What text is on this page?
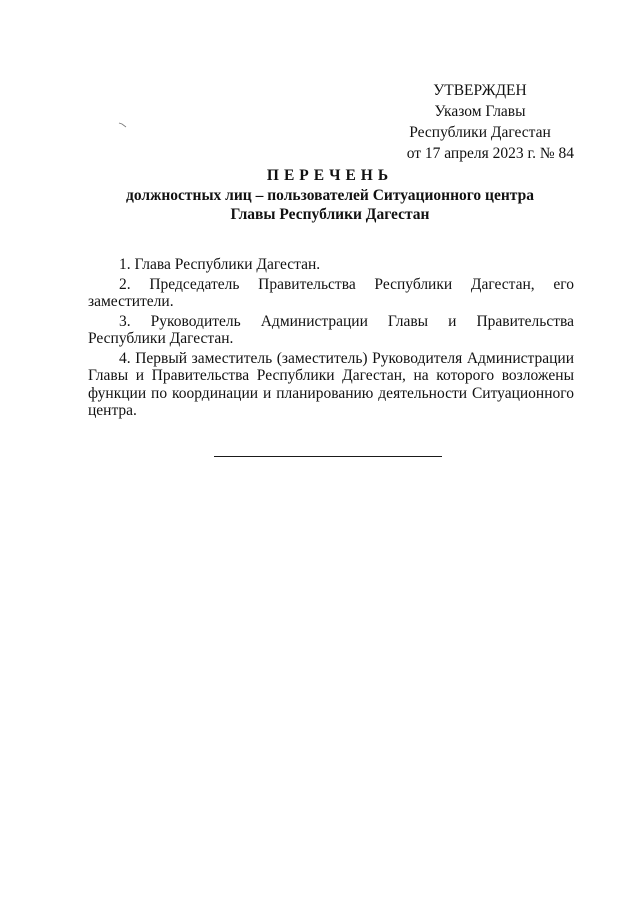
УТВЕРЖДЕН
Указом Главы
Республики Дагестан
от 17 апреля 2023 г. № 84
ПЕРЕЧЕНЬ
должностных лиц – пользователей Ситуационного центра
Главы Республики Дагестан

1. Глава Республики Дагестан.

2. Председатель Правительства Республики Дагестан, его заместители.

3. Руководитель Администрации Главы и Правительства Республики Дагестан.

4. Первый заместитель (заместитель) Руководителя Администрации Главы и Правительства Республики Дагестан, на которого возложены функции по координации и планированию деятельности Ситуационного центра.
